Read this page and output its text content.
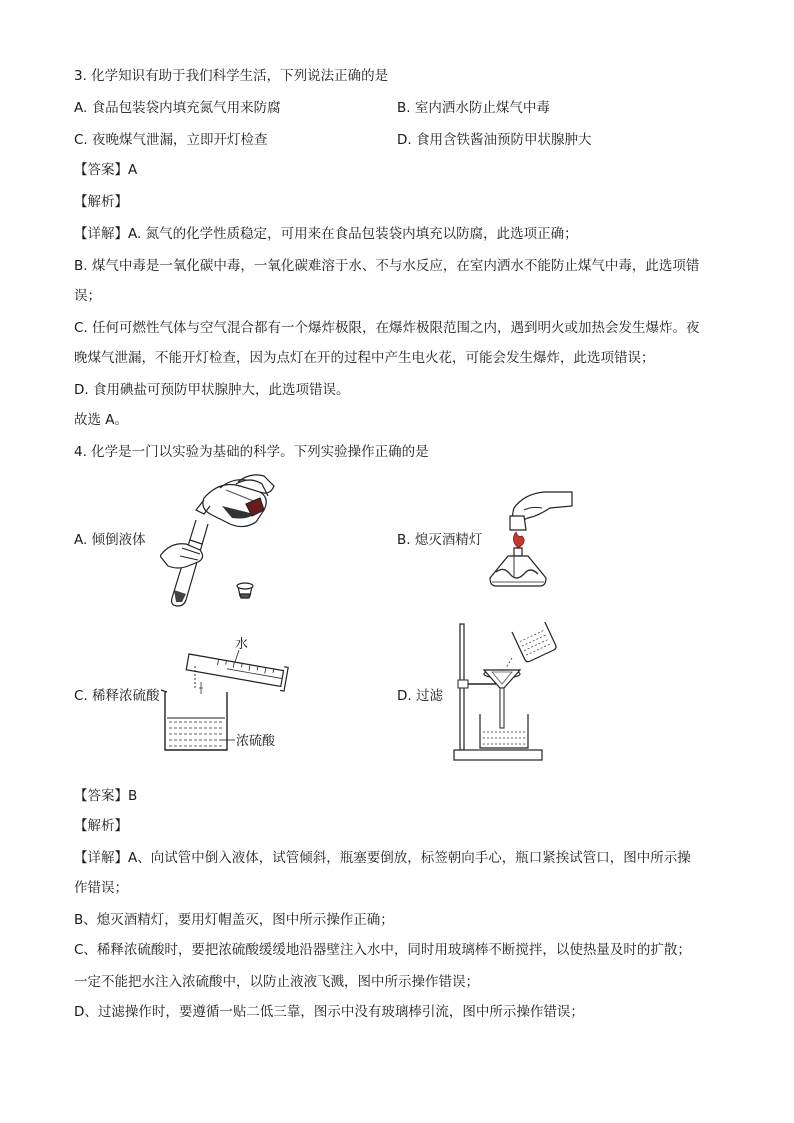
3. 化学知识有助于我们科学生活，下列说法正确的是
A. 食品包装袋内填充氮气用来防腐	B. 室内洒水防止煤气中毒
C. 夜晚煤气泄漏，立即开灯检查	D. 食用含铁酱油预防甲状腺肿大
【答案】A
【解析】
【详解】A. 氮气的化学性质稳定，可用来在食品包装袋内填充以防腐，此选项正确；
B. 煤气中毒是一氧化碳中毒，一氧化碳难溶于水、不与水反应，在室内洒水不能防止煤气中毒，此选项错
误；
C. 任何可燃性气体与空气混合都有一个爆炸极限，在爆炸极限范围之内，遇到明火或加热会发生爆炸。夜
晚煤气泄漏，不能开灯检查，因为点灯在开的过程中产生电火花，可能会发生爆炸，此选项错误；
D. 食用碘盐可预防甲状腺肿大，此选项错误。
故选 A。
4. 化学是一门以实验为基础的科学。下列实验操作正确的是
A. 倾倒液体	B. 熄灭酒精灯
C. 稀释浓硫酸	D. 过滤
水
浓硫酸
【答案】B
【解析】
【详解】A、向试管中倒入液体，试管倾斜，瓶塞要倒放，标签朝向手心，瓶口紧挨试管口，图中所示操
作错误；
B、熄灭酒精灯，要用灯帽盖灭，图中所示操作正确；
C、稀释浓硫酸时，要把浓硫酸缓缓地沿器壁注入水中，同时用玻璃棒不断搅拌，以使热量及时的扩散；
一定不能把水注入浓硫酸中，以防止液液飞溅，图中所示操作错误；
D、过滤操作时，要遵循一贴二低三靠，图示中没有玻璃棒引流，图中所示操作错误；
